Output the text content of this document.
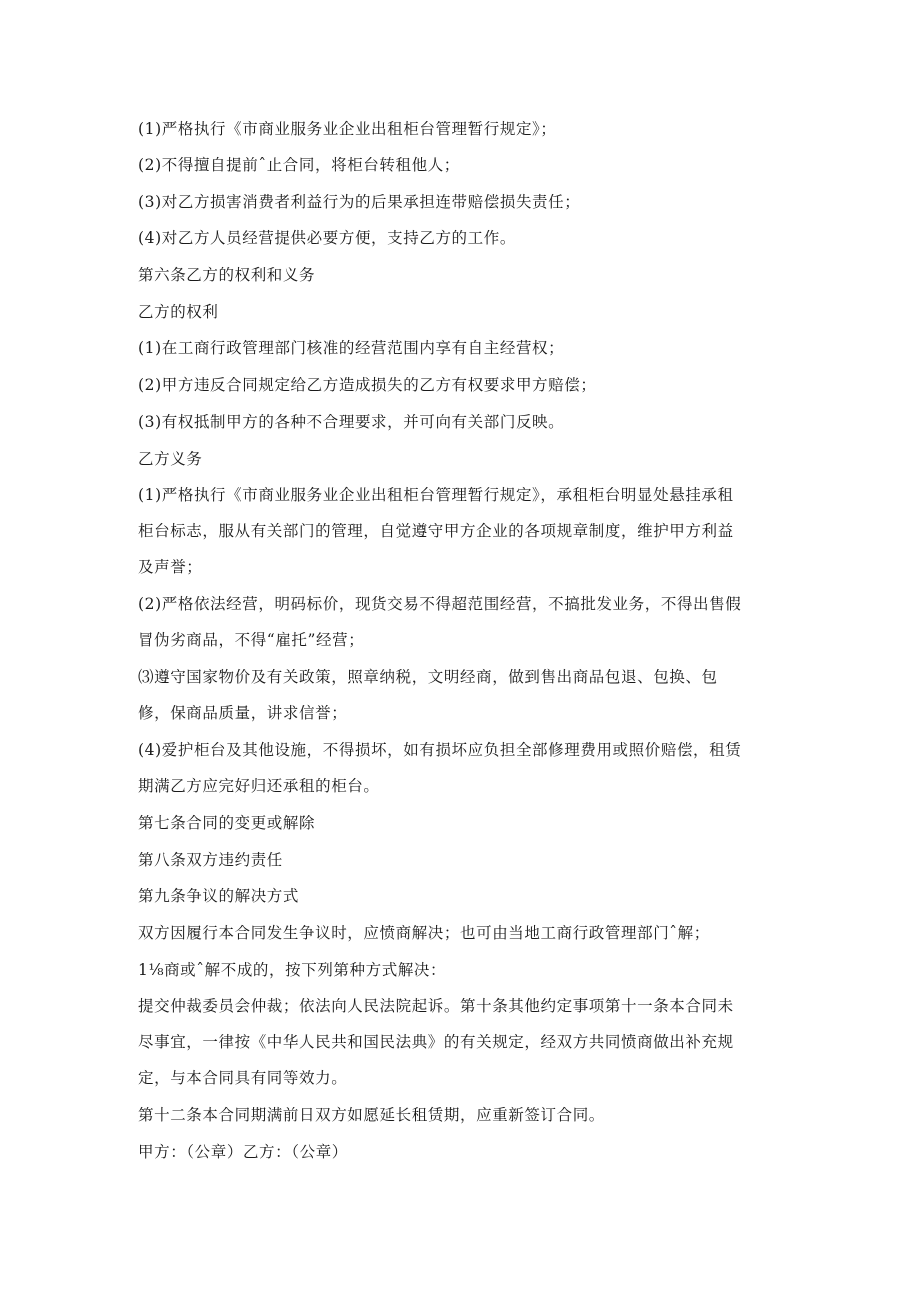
(1)严格执行《市商业服务业企业出租柜台管理暂行规定》；
(2)不得擅自提前ˆ止合同，将柜台转租他人；
(3)对乙方损害消费者利益行为的后果承担连带赔偿损失责任；
(4)对乙方人员经营提供必要方便，支持乙方的工作。
第六条乙方的权利和义务
乙方的权利
(1)在工商行政管理部门核准的经营范围内享有自主经营权；
(2)甲方违反合同规定给乙方造成损失的乙方有权要求甲方赔偿；
(3)有权抵制甲方的各种不合理要求，并可向有关部门反映。
乙方义务
(1)严格执行《市商业服务业企业出租柜台管理暂行规定》，承租柜台明显处悬挂承租
柜台标志，服从有关部门的管理，自觉遵守甲方企业的各项规章制度，维护甲方利益
及声誉；
(2)严格依法经营，明码标价，现货交易不得超范围经营，不搞批发业务，不得出售假
冒伪劣商品，不得“雇托”经营；
⑶遵守国家物价及有关政策，照章纳税，文明经商，做到售出商品包退、包换、包
修，保商品质量，讲求信誉；
(4)爱护柜台及其他设施，不得损坏，如有损坏应负担全部修理费用或照价赔偿，租赁
期满乙方应完好归还承租的柜台。
第七条合同的变更或解除
第八条双方违约责任
第九条争议的解决方式
双方因履行本合同发生争议时，应愤商解决；也可由当地工商行政管理部门ˆ解；
1⅛商或ˆ解不成的，按下列第种方式解决：
提交仲裁委员会仲裁；依法向人民法院起诉。第十条其他约定事项第十一条本合同未
尽事宜，一律按《中华人民共和国民法典》的有关规定，经双方共同愤商做出补充规
定，与本合同具有同等效力。
第十二条本合同期满前日双方如愿延长租赁期，应重新签订合同。
甲方：（公章）乙方：（公章）
